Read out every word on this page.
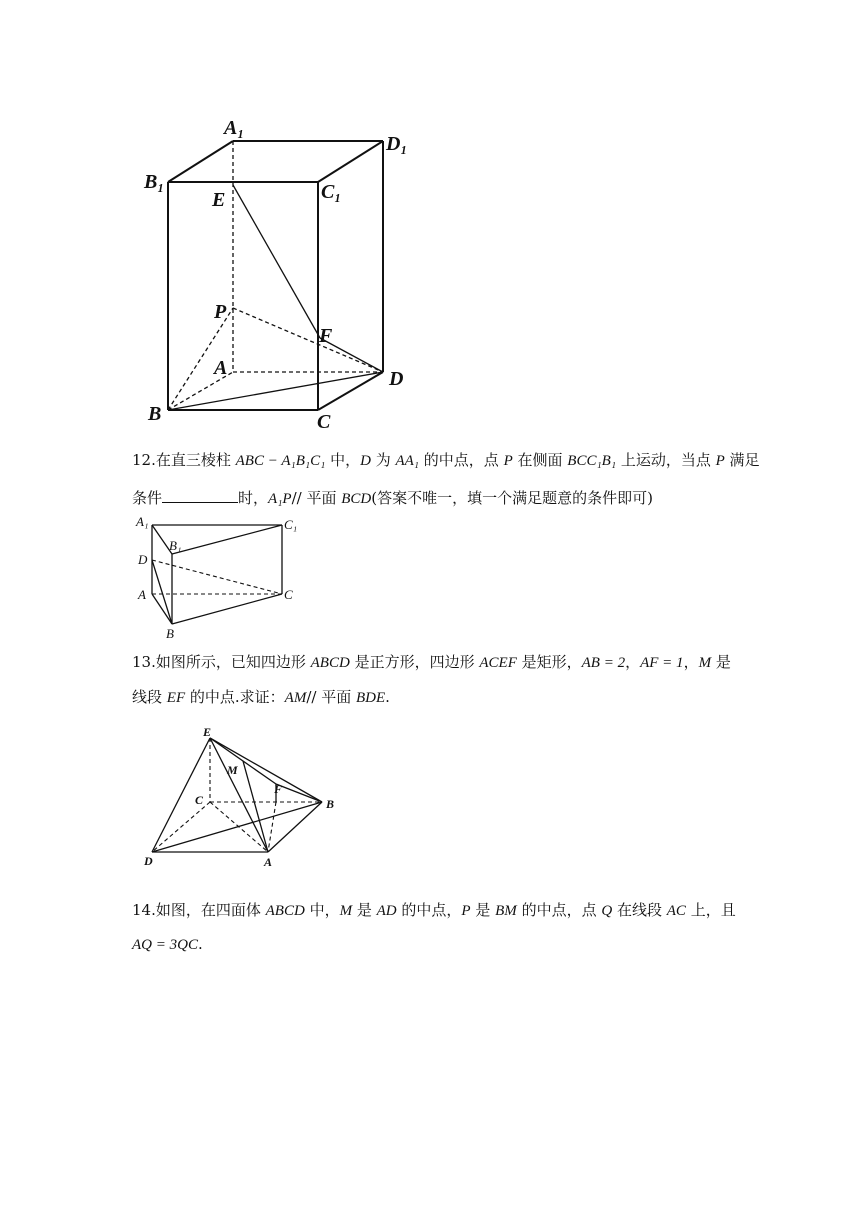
A₁
D₁
B₁	C₁
E
P
F
A	D
B	C
12.在直三棱柱 ABC − A₁B₁C₁ 中，D 为 AA₁ 的中点，点 P 在侧面 BCC₁B₁ 上运动，当点 P 满足
条件	时，A₁P// 平面 BCD(答案不唯一，填一个满足题意的条件即可)
A₁	C₁
B₁
D
A	C
B
13.如图所示，已知四边形 ABCD 是正方形，四边形 ACEF 是矩形，AB = 2，AF = 1，M 是
线段 EF 的中点.求证：AM// 平面 BDE.
E
M
C
F
B
D	A
14.如图，在四面体 ABCD 中，M 是 AD 的中点，P 是 BM 的中点，点 Q 在线段 AC 上，且
AQ = 3QC.
